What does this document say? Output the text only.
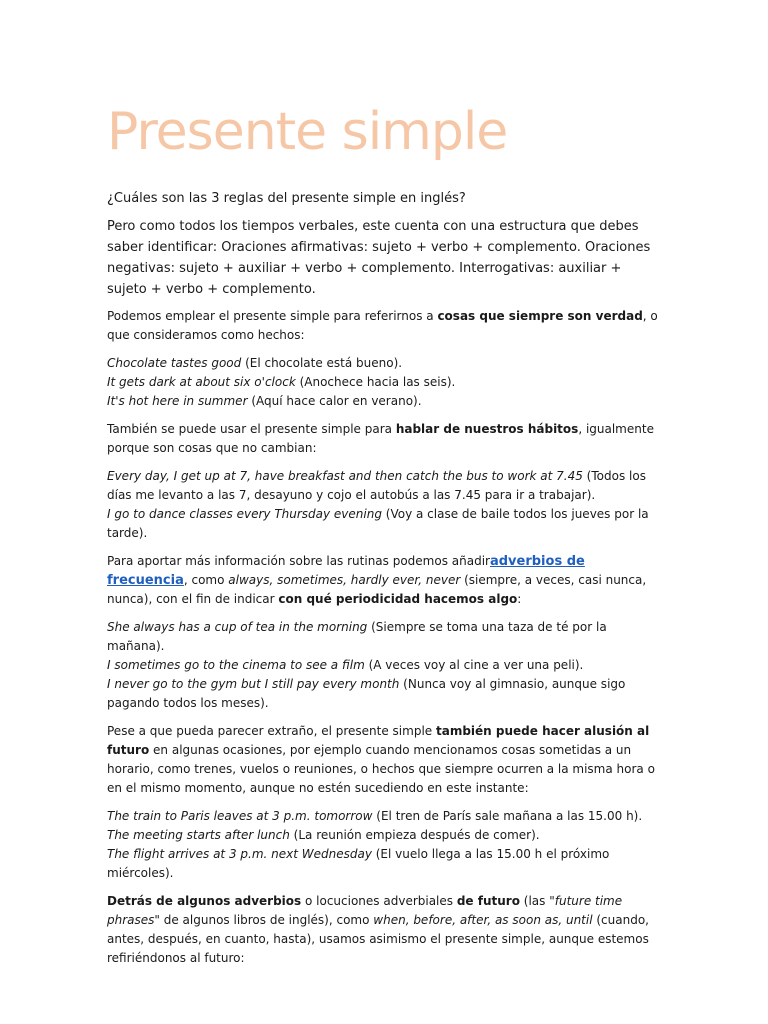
Presente simple

¿Cuáles son las 3 reglas del presente simple en inglés?

Pero como todos los tiempos verbales, este cuenta con una estructura que debes saber identificar: Oraciones afirmativas: sujeto + verbo + complemento. Oraciones negativas: sujeto + auxiliar + verbo + complemento. Interrogativas: auxiliar + sujeto + verbo + complemento.

Podemos emplear el presente simple para referirnos a cosas que siempre son verdad, o que consideramos como hechos:

Chocolate tastes good (El chocolate está bueno).
It gets dark at about six o'clock (Anochece hacia las seis).
It's hot here in summer (Aquí hace calor en verano).

También se puede usar el presente simple para hablar de nuestros hábitos, igualmente porque son cosas que no cambian:

Every day, I get up at 7, have breakfast and then catch the bus to work at 7.45 (Todos los días me levanto a las 7, desayuno y cojo el autobús a las 7.45 para ir a trabajar).
I go to dance classes every Thursday evening (Voy a clase de baile todos los jueves por la tarde).

Para aportar más información sobre las rutinas podemos añadiradverbios de frecuencia, como always, sometimes, hardly ever, never (siempre, a veces, casi nunca, nunca), con el fin de indicar con qué periodicidad hacemos algo:

She always has a cup of tea in the morning (Siempre se toma una taza de té por la mañana).
I sometimes go to the cinema to see a film (A veces voy al cine a ver una peli).
I never go to the gym but I still pay every month (Nunca voy al gimnasio, aunque sigo pagando todos los meses).

Pese a que pueda parecer extraño, el presente simple también puede hacer alusión al futuro en algunas ocasiones, por ejemplo cuando mencionamos cosas sometidas a un horario, como trenes, vuelos o reuniones, o hechos que siempre ocurren a la misma hora o en el mismo momento, aunque no estén sucediendo en este instante:

The train to Paris leaves at 3 p.m. tomorrow (El tren de París sale mañana a las 15.00 h).
The meeting starts after lunch (La reunión empieza después de comer).
The flight arrives at 3 p.m. next Wednesday (El vuelo llega a las 15.00 h el próximo miércoles).

Detrás de algunos adverbios o locuciones adverbiales de futuro (las "future time phrases" de algunos libros de inglés), como when, before, after, as soon as, until (cuando, antes, después, en cuanto, hasta), usamos asimismo el presente simple, aunque estemos refiriéndonos al futuro:
